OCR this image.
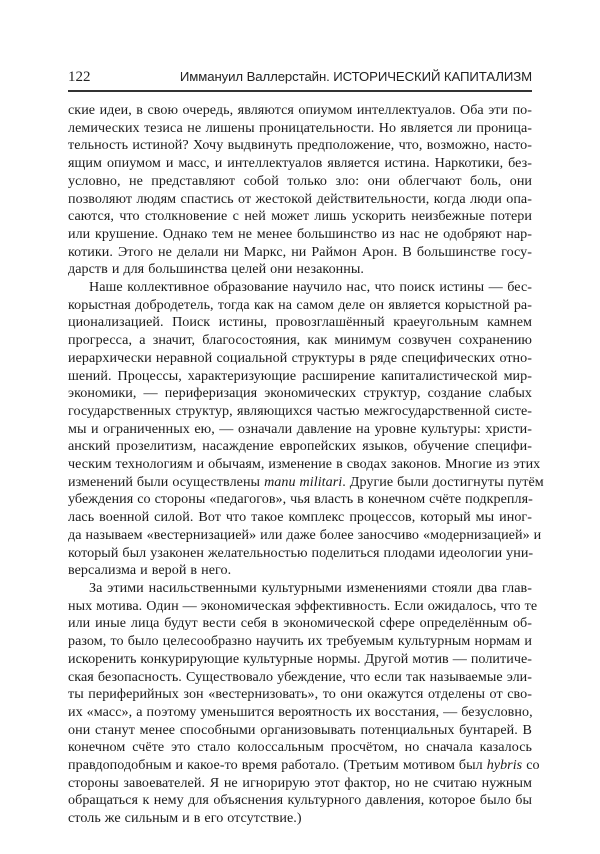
122	Иммануил Валлерстайн. ИСТОРИЧЕСКИЙ КАПИТАЛИЗМ

ские идеи, в свою очередь, являются опиумом интеллектуалов. Оба эти по-
лемических тезиса не лишены проницательности. Но является ли проница-
тельность истиной? Хочу выдвинуть предположение, что, возможно, насто-
ящим опиумом и масс, и интеллектуалов является истина. Наркотики, без-
условно, не представляют собой только зло: они облегчают боль, они
позволяют людям спастись от жестокой действительности, когда люди опа-
саются, что столкновение с ней может лишь ускорить неизбежные потери
или крушение. Однако тем не менее большинство из нас не одобряют нар-
котики. Этого не делали ни Маркс, ни Раймон Арон. В большинстве госу-
дарств и для большинства целей они незаконны.

Наше коллективное образование научило нас, что поиск истины — бес-
корыстная добродетель, тогда как на самом деле он является корыстной ра-
ционализацией. Поиск истины, провозглашённый краеугольным камнем
прогресса, а значит, благосостояния, как минимум созвучен сохранению
иерархически неравной социальной структуры в ряде специфических отно-
шений. Процессы, характеризующие расширение капиталистической мир-
экономики, — периферизация экономических структур, создание слабых
государственных структур, являющихся частью межгосударственной систе-
мы и ограниченных ею, — означали давление на уровне культуры: христи-
анский прозелитизм, насаждение европейских языков, обучение специфи-
ческим технологиям и обычаям, изменение в сводах законов. Многие из этих
изменений были осуществлены manu militari. Другие были достигнуты путём
убеждения со стороны «педагогов», чья власть в конечном счёте подкрепля-
лась военной силой. Вот что такое комплекс процессов, который мы иног-
да называем «вестернизацией» или даже более заносчиво «модернизацией» и
который был узаконен желательностью поделиться плодами идеологии уни-
версализма и верой в него.

За этими насильственными культурными изменениями стояли два глав-
ных мотива. Один — экономическая эффективность. Если ожидалось, что те
или иные лица будут вести себя в экономической сфере определённым об-
разом, то было целесообразно научить их требуемым культурным нормам и
искоренить конкурирующие культурные нормы. Другой мотив — политиче-
ская безопасность. Существовало убеждение, что если так называемые эли-
ты периферийных зон «вестернизовать», то они окажутся отделены от сво-
их «масс», а поэтому уменьшится вероятность их восстания, — безусловно,
они станут менее способными организовывать потенциальных бунтарей. В
конечном счёте это стало колоссальным просчётом, но сначала казалось
правдоподобным и какое-то время работало. (Третьим мотивом был hybris со
стороны завоевателей. Я не игнорирую этот фактор, но не считаю нужным
обращаться к нему для объяснения культурного давления, которое было бы
столь же сильным и в его отсутствие.)
